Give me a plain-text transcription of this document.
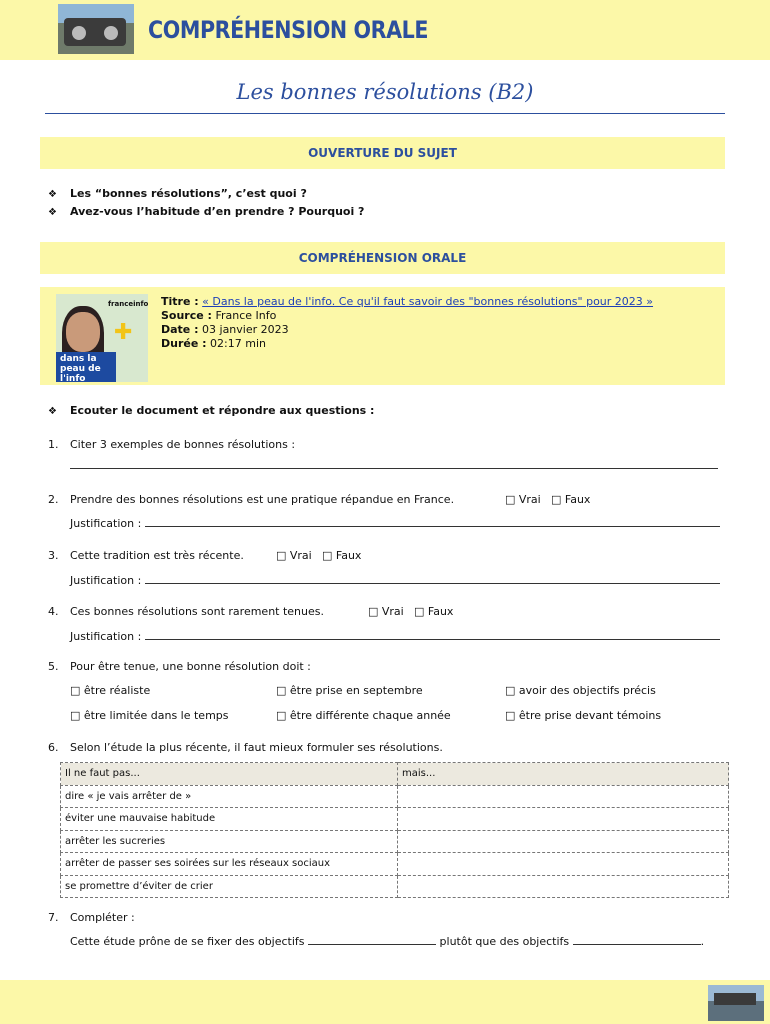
COMPRÉHENSION ORALE
Les bonnes résolutions (B2)
OUVERTURE DU SUJET
❖ Les “bonnes résolutions”, c’est quoi ?
❖ Avez-vous l’habitude d’en prendre ? Pourquoi ?
COMPRÉHENSION ORALE
✚
franceinfo
dans la peau de l'info
Titre : « Dans la peau de l'info. Ce qu'il faut savoir des "bonnes résolutions" pour 2023 »
Source : France Info
Date : 03 janvier 2023
Durée : 02:17 min
❖ Ecouter le document et répondre aux questions :
1. Citer 3 exemples de bonnes résolutions :
2. Prendre des bonnes résolutions est une pratique répandue en France.	□ Vrai □ Faux
Justification :
3. Cette tradition est très récente.	□ Vrai □ Faux
Justification :
4. Ces bonnes résolutions sont rarement tenues.	□ Vrai □ Faux
Justification :
5. Pour être tenue, une bonne résolution doit :
□ être réaliste	□ être prise en septembre	□ avoir des objectifs précis
□ être limitée dans le temps	□ être différente chaque année	□ être prise devant témoins
6. Selon l’étude la plus récente, il faut mieux formuler ses résolutions.
Il ne faut pas...	mais...
dire « je vais arrêter de »	
éviter une mauvaise habitude	
arrêter les sucreries	
arrêter de passer ses soirées sur les réseaux sociaux	
se promettre d’éviter de crier	
7. Compléter :
Cette étude prône de se fixer des objectifs	plutôt que des objectifs	.
